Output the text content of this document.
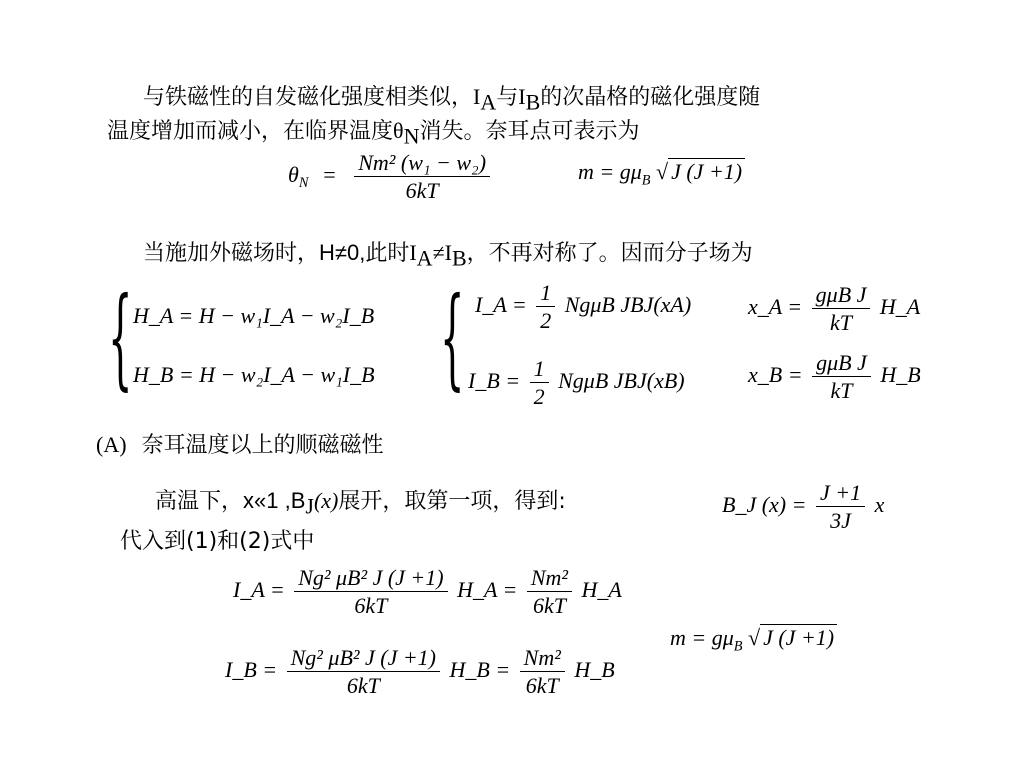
与铁磁性的自发磁化强度相类似，$I_A$与$I_B$的次晶格的磁化强度随
温度增加而减小，在临界温度$\theta_N$消失。奈耳点可表示为
$\theta_N = \frac{\text{Nm² (w₁ − w₂)}}{6kT}$	$m = g\mu_B$ √ J (J +1)
当施加外磁场时，H≠0,此时$I_A\ne I_B$，不再对称了。因而分子场为
{ H_A = H − w₁I_A − w₂I_B
H_B = H − w₂I_A − w₁I_B { I_A = $\frac{1}{2}$ NgμB JBJ(xA)
I_B = $\frac{1}{2}$ NgμB JBJ(xB)
x_A = $\frac{\text{gμB J}}{kT}$ H_A
x_B = $\frac{\text{gμB J}}{kT}$ H_B
(A) 奈耳温度以上的顺磁磁性
高温下，x«1 $,B_J(x)$展开，取第一项，得到:
代入到(1)和(2)式中
B_J $(x) = \frac{J +1}{3J}$ x
I_A = $\frac{\text{Ng² μB² J (J +1)}}{6kT}$ H_A = $\frac{\text{Nm²}}{6kT}$ H_A
I_B = $\frac{\text{Ng² μB² J (J +1)}}{6kT}$ H_B = $\frac{\text{Nm²}}{6kT}$ H_B
$m = g\mu_B$ √ J (J +1)
